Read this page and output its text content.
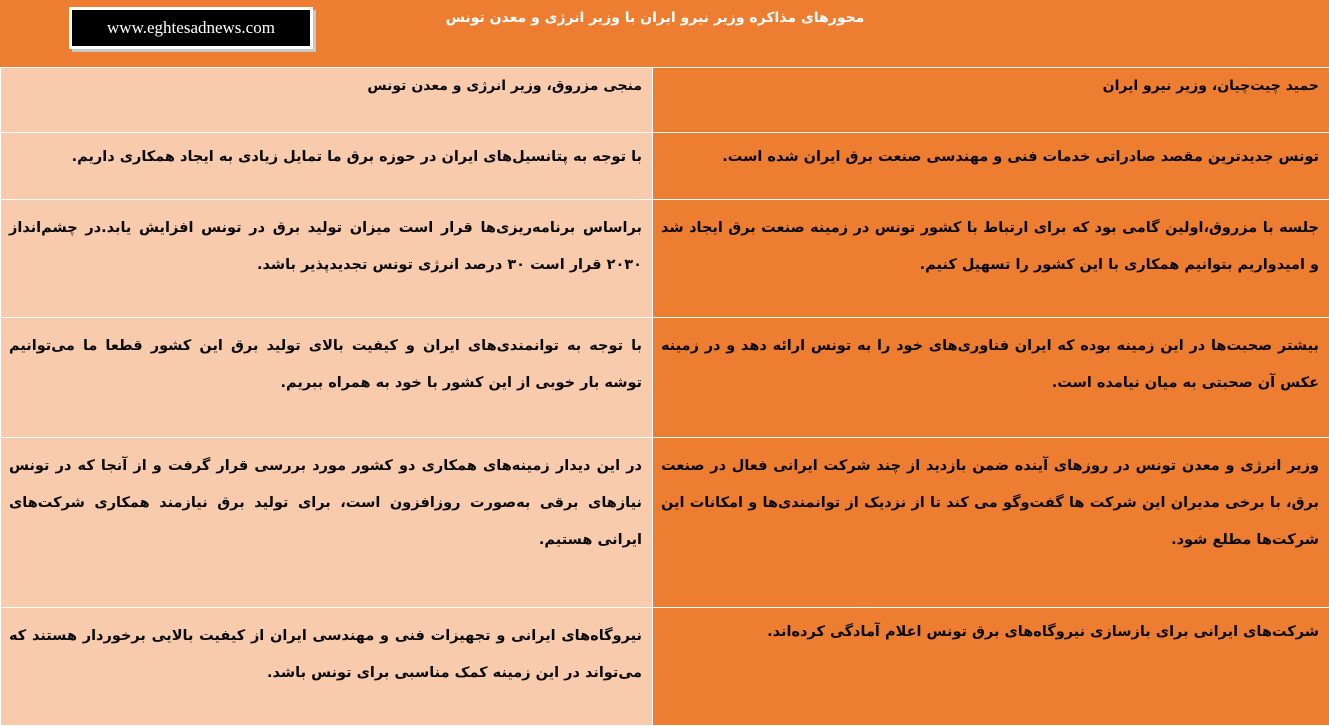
www.eghtesadnews.com	محورهای مذاکره وزیر نیرو ایران با وزیر انرژی و معدن تونس
منجی مزروق، وزیر انرژی و معدن تونس	حمید چیت‌چیان، وزیر نیرو ایران

با توجه به پتانسیل‌های ایران در حوزه برق ما تمایل زیادی به ایجاد همکاری داریم.	تونس جدیدترین مقصد صادراتی خدمات فنی و مهندسی صنعت برق ایران شده است.

براساس برنامه‌ریزی‌ها قرار است میزان تولید برق در تونس افزایش یابد.در چشم‌انداز ۲۰۳۰ قرار است ۳۰ درصد انرژی تونس تجدیدپذیر باشد.	جلسه با مزروق،اولین گامی بود که برای ارتباط با کشور تونس در زمینه صنعت برق ایجاد شد و امیدواریم بتوانیم همکاری با این کشور را تسهیل کنیم.

با توجه به توانمندی‌های ایران و کیفیت بالای تولید برق این کشور قطعا ما می‌توانیم توشه بار خوبی از این کشور با خود به همراه ببریم.	بیشتر صحبت‌ها در این زمینه بوده که ایران فناوری‌های خود را به تونس ارائه دهد و در زمینه عکس آن صحبتی به میان نیامده است.

در این دیدار زمینه‌های همکاری دو کشور مورد بررسی قرار گرفت و از آنجا که در تونس نیازهای برقی به‌صورت روزافزون است، برای تولید برق نیازمند همکاری شرکت‌های ایرانی هستیم.	وزیر انرژی و معدن تونس در روزهای آینده ضمن بازدید از چند شرکت ایرانی فعال در صنعت برق، با برخی مدیران این شرکت ها گفت‌وگو می کند تا از نزدیک از توانمندی‌ها و امکانات این شرکت‌ها مطلع شود.

نیروگاه‌های ایرانی و تجهیزات فنی و مهندسی ایران از کیفیت بالایی برخوردار هستند که می‌تواند در این زمینه کمک مناسبی برای تونس باشد.	شرکت‌های ایرانی برای بازسازی نیروگاه‌های برق تونس اعلام آمادگی کرده‌اند.
